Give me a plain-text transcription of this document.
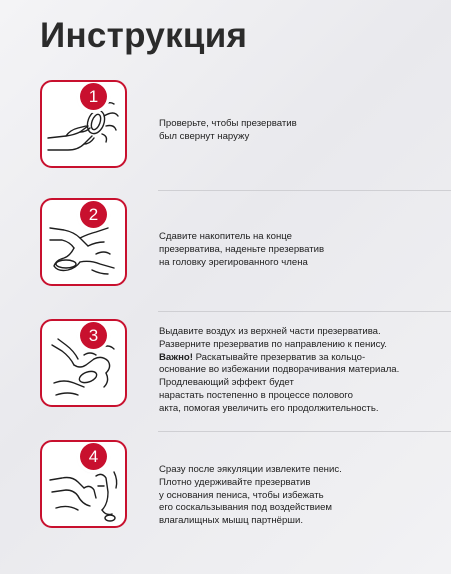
Инструкция
1

Проверьте, чтобы презерватив

был свернут наружу

2

Сдавите накопитель на конце

презерватива, наденьте презерватив

на головку эрегированного члена

3	Выдавите воздух из верхней части презерватива.

Разверните презерватив по направлению к пенису.

Важно! Раскатывайте презерватив за кольцо-

основание во избежании подворачивания материала.

Продлевающий эффект будет

нарастать постепенно в процессе полового

акта, помогая увеличить его продолжительность.

4

Сразу после эякуляции извлеките пенис.

Плотно удерживайте презерватив

у основания пениса, чтобы избежать

его соскальзывания под воздействием

влагалищных мышц партнёрши.
